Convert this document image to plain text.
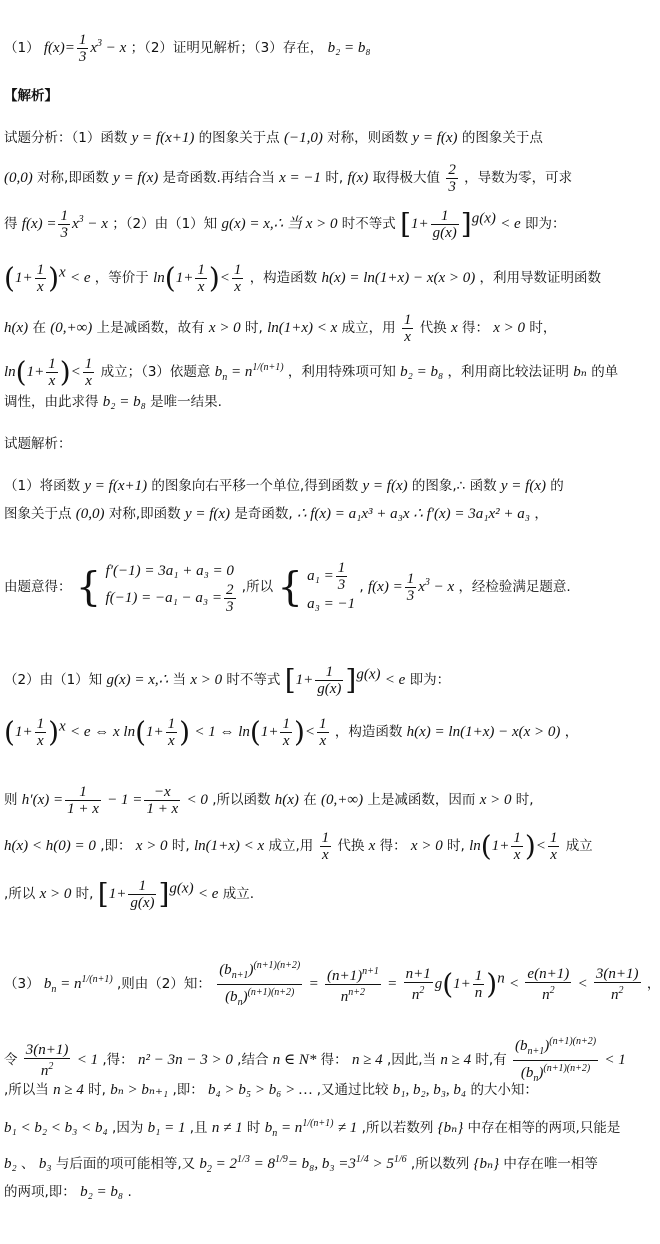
（1） $f(x)= \frac{1}{3} x^3 - x$ ；（2）证明见解析；（3）存在， b₂ = b₈
【解析】
试题分析：（1）函数 y = f(x+1) 的图象关于点 (−1,0) 对称，则函数 y = f(x) 的图象关于点
(0,0) 对称,即函数 y = f(x) 是奇函数.再结合当 x = −1 时, f(x) 取得极大值 $\frac{2}{3}$ ，导数为零，可求
得 $f(x) = \frac{1}{3} x^3 - x$ ；（2）由（1）知 g(x) = x,∴ 当 x > 0 时不等式 $[1+ \frac{1}{g(x)} ]^{g(x)} < e$ 即为：
$(1+ \frac{1}{x} )^x < e$ ，等价于 $\ln(1+ \frac{1}{x}$ )< $\frac{1}{x}$ ，构造函数 h(x) = ln(1+x) − x(x > 0) ，利用导数证明函数
h(x) 在 (0,+∞) 上是减函数，故有 x > 0 时, ln(1+x) < x 成立，用 $\frac{1}{x}$ 代换 x 得： x > 0 时，
$\ln(1+ \frac{1}{x}$ )< $\frac{1}{x}$ 成立；（3）依题意 $b_n = n^{1/(n+1)}$ ，利用特殊项可知 b₂ = b₈ ，利用商比较法证明 bₙ 的单
调性，由此求得 b₂ = b₈ 是唯一结果.
试题解析：
（1）将函数 y = f(x+1) 的图象向右平移一个单位,得到函数 y = f(x) 的图象,∴ 函数 y = f(x) 的
图象关于点 (0,0) 对称,即函数 y = f(x) 是奇函数, ∴ f(x) = a₁x³ + a₃x ∴ f′(x) = 3a₁x² + a₃ ，
由题意得： { f′(−1) = 3a₁ + a₃ = 0
$f(-1) = -a_1 - a_3 = \frac{2}{3}$ ,所以 { $a_1 = \frac{1}{3}$
a₃ = −1
, $f(x) = \frac{1}{3} x^3 - x$ ，经检验满足题意.
（2）由（1）知 g(x) = x,∴ 当 x > 0 时不等式 $[1+ \frac{1}{g(x)} ]^{g(x)} < e$ 即为：
$(1+ \frac{1}{x} )^x < e$ ⇔ x $\ln(1+ \frac{1}{x}$ ) < 1 ⇔ $\ln(1+ \frac{1}{x}$ )< $\frac{1}{x}$ ，构造函数 h(x) = ln(1+x) − x(x > 0) ，
则 $h'(x) = \frac{1}{1 + x} - 1 = \frac{-x}{1 + x} < 0$ ,所以函数 h(x) 在 (0,+∞) 上是减函数，因而 x > 0 时,
h(x) < h(0) = 0 ,即： x > 0 时, ln(1+x) < x 成立,用 $\frac{1}{x}$ 代换 x 得： x > 0 时, $\ln(1+ \frac{1}{x}$ )< $\frac{1}{x}$ 成立
,所以 x > 0 时, $[1+ \frac{1}{g(x)} ]^{g(x)} < e$ 成立.
（3） $b_n = n^{1/(n+1)}$ ,则由（2）知： $\frac{(b_{n+1})^{(n+1)(n+2)}}{(b_n)^{(n+1)(n+2)}} = \frac{(n+1)^{n+1}}{n^{n+2}} = \frac{n+1}{n^2} g(1+ \frac{1}{n} )^n < \frac{e(n+1)}{n^2} < \frac{3(n+1)}{n^2}$ ，
令 $\frac{3(n+1)}{n^2} < 1$ ,得： n² − 3n − 3 > 0 ,结合 n ∈ N* 得： n ≥ 4 ,因此,当 n ≥ 4 时,有 $\frac{(b_{n+1})^{(n+1)(n+2)}}{(b_n)^{(n+1)(n+2)}} < 1$
,所以当 n ≥ 4 时, bₙ > bₙ₊₁ ,即： b₄ > b₅ > b₆ > … ,又通过比较 b₁, b₂, b₃, b₄ 的大小知：
b₁ < b₂ < b₃ < b₄ ,因为 b₁ = 1 ,且 n ≠ 1 时 $b_n = n^{1/(n+1)} \ne 1$ ,所以若数列 {bₙ} 中存在相等的两项,只能是
b₂ 、 b₃ 与后面的项可能相等,又 $b_2 = 2^{1/3} = 8^{1/9}= b_8$, $b_3 =3^{1/4} > 5^{1/6}$ ,所以数列 {bₙ} 中存在唯一相等
的两项,即： b₂ = b₈ .
